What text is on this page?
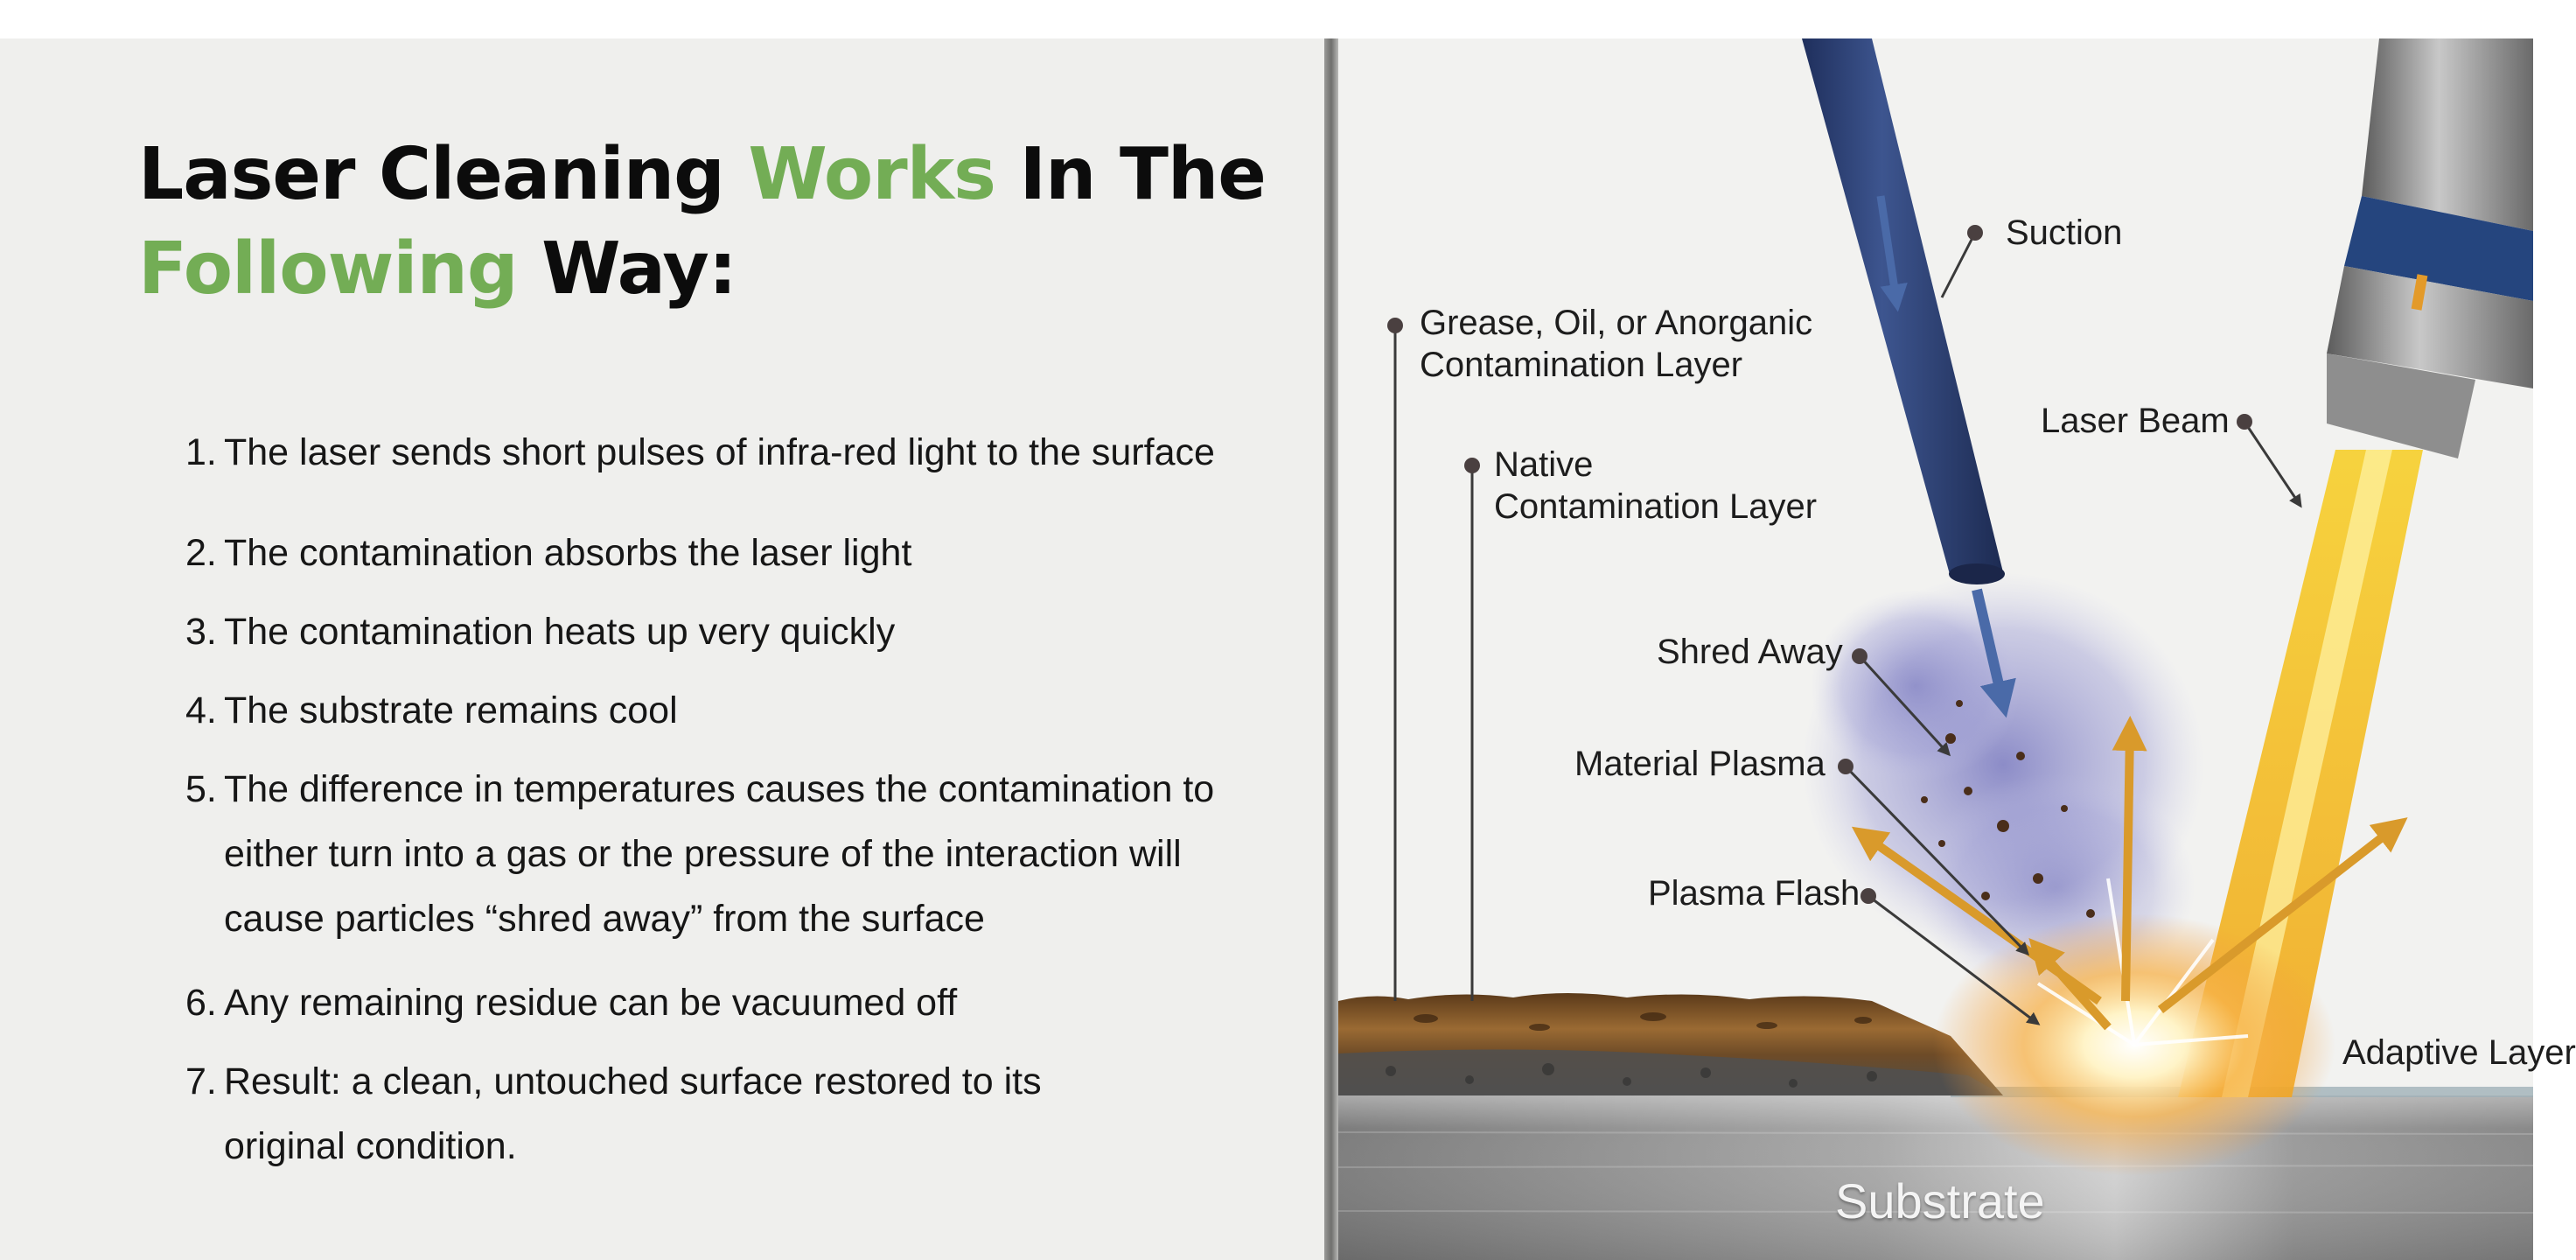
Laser Cleaning Works In The
Following Way:
1. The laser sends short pulses of infra-red light to the surface
2. The contamination absorbs the laser light
3. The contamination heats up very quickly
4. The substrate remains cool
5. The difference in temperatures causes the contamination to either turn into a gas or the pressure of the interaction will cause particles “shred away” from the surface
6. Any remaining residue can be vacuumed off
7. Result: a clean, untouched surface restored to its original condition.
Suction
Grease, Oil, or Anorganic
Contamination Layer
Native
Contamination Layer
Laser Beam
Shred Away
Material Plasma
Plasma Flash
Adaptive Layer
Substrate
